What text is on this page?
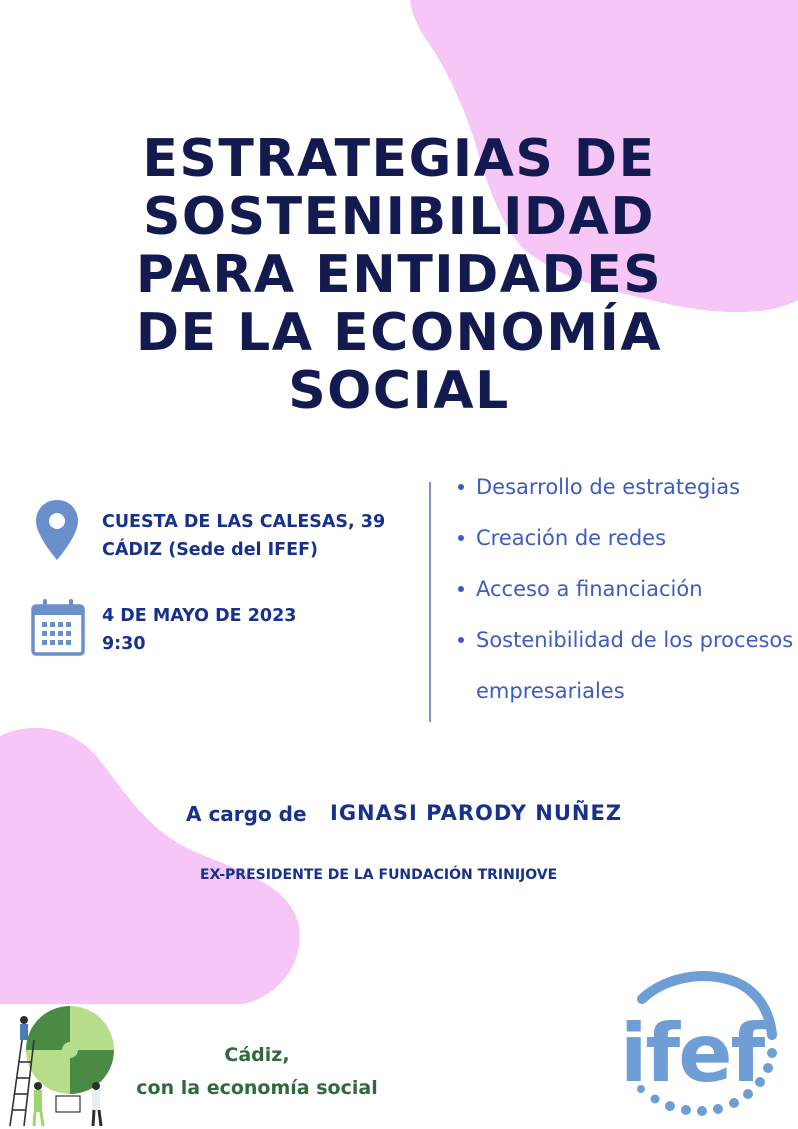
ESTRATEGIAS DE
SOSTENIBILIDAD
PARA ENTIDADES
DE LA ECONOMÍA
SOCIAL
CUESTA DE LAS CALESAS, 39
CÁDIZ (Sede del IFEF)
4 DE MAYO DE 2023
9:30
Desarrollo de estrategias
Creación de redes
Acceso a financiación
Sostenibilidad de los procesos empresariales
A cargo de IGNASI PARODY NUÑEZ
EX-PRESIDENTE DE LA FUNDACIÓN TRINIJOVE
Cádiz,
con la economía social	ifef
